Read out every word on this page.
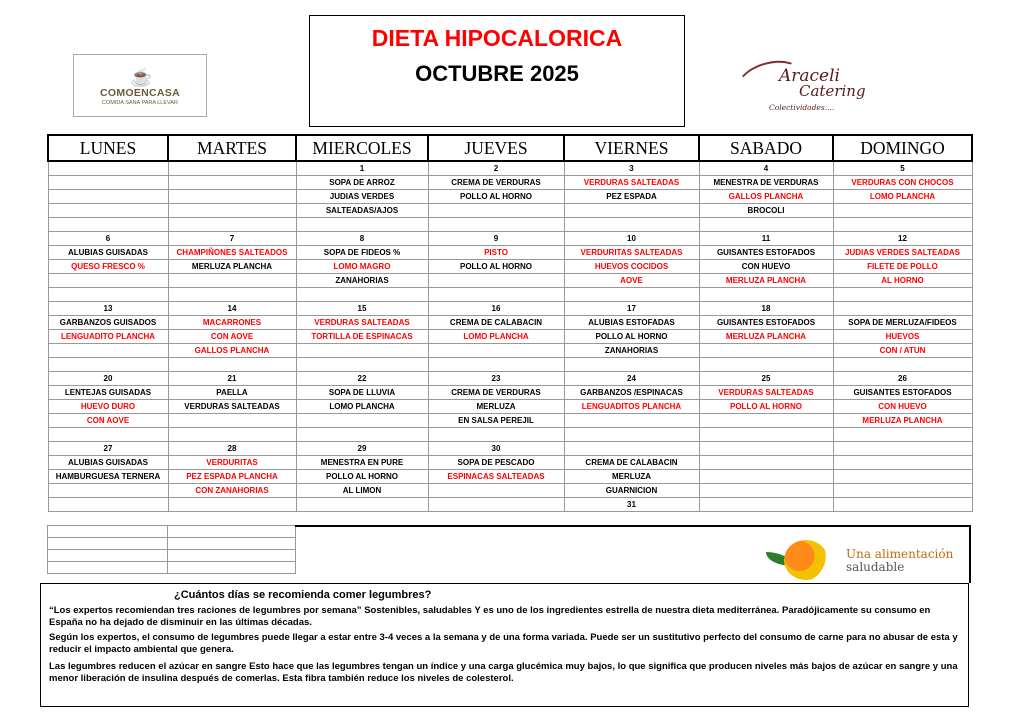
☕
COMOENCASA
COMIDA SANA PARA LLEVAR
DIETA HIPOCALORICA
OCTUBRE 2025	Araceli
Catering
Colectividades....
LUNES	MARTES	MIERCOLES	JUEVES	VIERNES	SABADO	DOMINGO
		1	2	3	4	5
		SOPA DE ARROZ	CREMA DE VERDURAS	VERDURAS SALTEADAS	MENESTRA DE VERDURAS	VERDURAS CON CHOCOS
		JUDIAS VERDES	POLLO AL HORNO	PEZ ESPADA	GALLOS PLANCHA	LOMO PLANCHA
		SALTEADAS/AJOS			BROCOLI	

6	7	8	9	10	11	12
ALUBIAS GUISADAS	CHAMPIÑONES SALTEADOS	SOPA DE FIDEOS %	PISTO	VERDURITAS SALTEADAS	GUISANTES ESTOFADOS	JUDIAS VERDES SALTEADAS
QUESO FRESCO %	MERLUZA PLANCHA	LOMO MAGRO	POLLO AL HORNO	HUEVOS COCIDOS	CON HUEVO	FILETE DE POLLO
		ZANAHORIAS		AOVE	MERLUZA PLANCHA	AL HORNO

13	14	15	16	17	18	
GARBANZOS GUISADOS	MACARRONES	VERDURAS SALTEADAS	CREMA DE CALABACIN	ALUBIAS ESTOFADAS	GUISANTES ESTOFADOS	SOPA DE MERLUZA/FIDEOS
LENGUADITO PLANCHA	CON AOVE	TORTILLA DE ESPINACAS	LOMO PLANCHA	POLLO AL HORNO	MERLUZA PLANCHA	HUEVOS
	GALLOS PLANCHA			ZANAHORIAS		CON / ATUN

20	21	22	23	24	25	26
LENTEJAS GUISADAS	PAELLA	SOPA DE LLUVIA	CREMA DE VERDURAS	GARBANZOS /ESPINACAS	VERDURAS SALTEADAS	GUISANTES ESTOFADOS
HUEVO DURO	VERDURAS SALTEADAS	LOMO PLANCHA	MERLUZA	LENGUADITOS PLANCHA	POLLO AL HORNO	CON HUEVO
CON AOVE			EN SALSA PEREJIL			MERLUZA PLANCHA

27	28	29	30			
ALUBIAS GUISADAS	VERDURITAS	MENESTRA EN PURE	SOPA DE PESCADO	CREMA DE CALABACIN		
HAMBURGUESA TERNERA	PEZ ESPADA PLANCHA	POLLO AL HORNO	ESPINACAS SALTEADAS	MERLUZA		
	CON ZANAHORIAS	AL LIMON		GUARNICION		
				31		

Una alimentación
saludable
¿Cuántos días se recomienda comer legumbres?
“Los expertos recomiendan tres raciones de legumbres por semana” Sostenibles, saludables Y es uno de los ingredientes estrella de nuestra dieta mediterránea. Paradójicamente su consumo en España no ha dejado de disminuir en las últimas décadas.
Según los expertos, el consumo de legumbres puede llegar a estar entre 3-4 veces a la semana y de una forma variada. Puede ser un sustitutivo perfecto del consumo de carne para no abusar de esta y reducir el impacto ambiental que genera.
Las legumbres reducen el azúcar en sangre Esto hace que las legumbres tengan un índice y una carga glucémica muy bajos, lo que significa que producen niveles más bajos de azúcar en sangre y una menor liberación de insulina después de comerlas. Esta fibra también reduce los niveles de colesterol.
